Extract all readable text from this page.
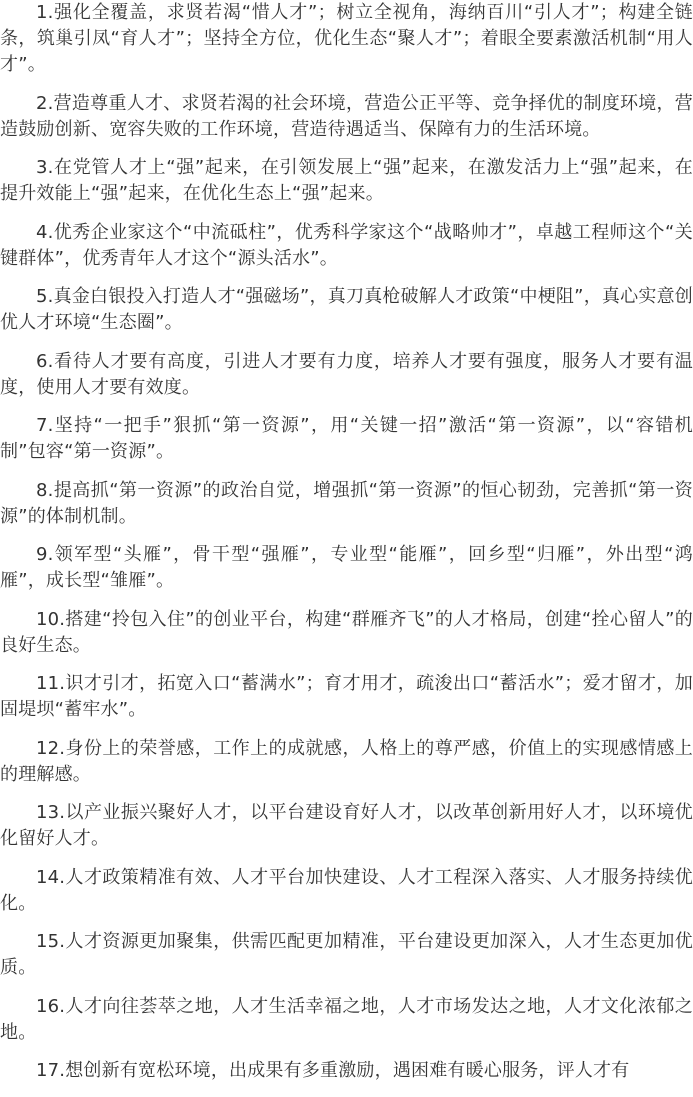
1.强化全覆盖，求贤若渴“惜人才”；树立全视角，海纳百川“引人才”；构建全链条，筑巢引凤“育人才”；坚持全方位，优化生态“聚人才”；着眼全要素激活机制“用人才”。

2.营造尊重人才、求贤若渴的社会环境，营造公正平等、竞争择优的制度环境，营造鼓励创新、宽容失败的工作环境，营造待遇适当、保障有力的生活环境。

3.在党管人才上“强”起来，在引领发展上“强”起来，在激发活力上“强”起来，在提升效能上“强”起来，在优化生态上“强”起来。

4.优秀企业家这个“中流砥柱”，优秀科学家这个“战略帅才”，卓越工程师这个“关键群体”，优秀青年人才这个“源头活水”。

5.真金白银投入打造人才“强磁场”，真刀真枪破解人才政策“中梗阻”，真心实意创优人才环境“生态圈”。

6.看待人才要有高度，引进人才要有力度，培养人才要有强度，服务人才要有温度，使用人才要有效度。

7.坚持“一把手”狠抓“第一资源”，用“关键一招”激活“第一资源”，以“容错机制”包容“第一资源”。

8.提高抓“第一资源”的政治自觉，增强抓“第一资源”的恒心韧劲，完善抓“第一资源”的体制机制。

9.领军型“头雁”，骨干型“强雁”，专业型“能雁”，回乡型“归雁”，外出型“鸿雁”，成长型“雏雁”。

10.搭建“拎包入住”的创业平台，构建“群雁齐飞”的人才格局，创建“拴心留人”的良好生态。

11.识才引才，拓宽入口“蓄满水”；育才用才，疏浚出口“蓄活水”；爱才留才，加固堤坝“蓄牢水”。

12.身份上的荣誉感，工作上的成就感，人格上的尊严感，价值上的实现感情感上的理解感。

13.以产业振兴聚好人才，以平台建设育好人才，以改革创新用好人才，以环境优化留好人才。

14.人才政策精准有效、人才平台加快建设、人才工程深入落实、人才服务持续优化。

15.人才资源更加聚集，供需匹配更加精准，平台建设更加深入，人才生态更加优质。

16.人才向往荟萃之地，人才生活幸福之地，人才市场发达之地，人才文化浓郁之地。

17.想创新有宽松环境，出成果有多重激励，遇困难有暖心服务，评人才有
